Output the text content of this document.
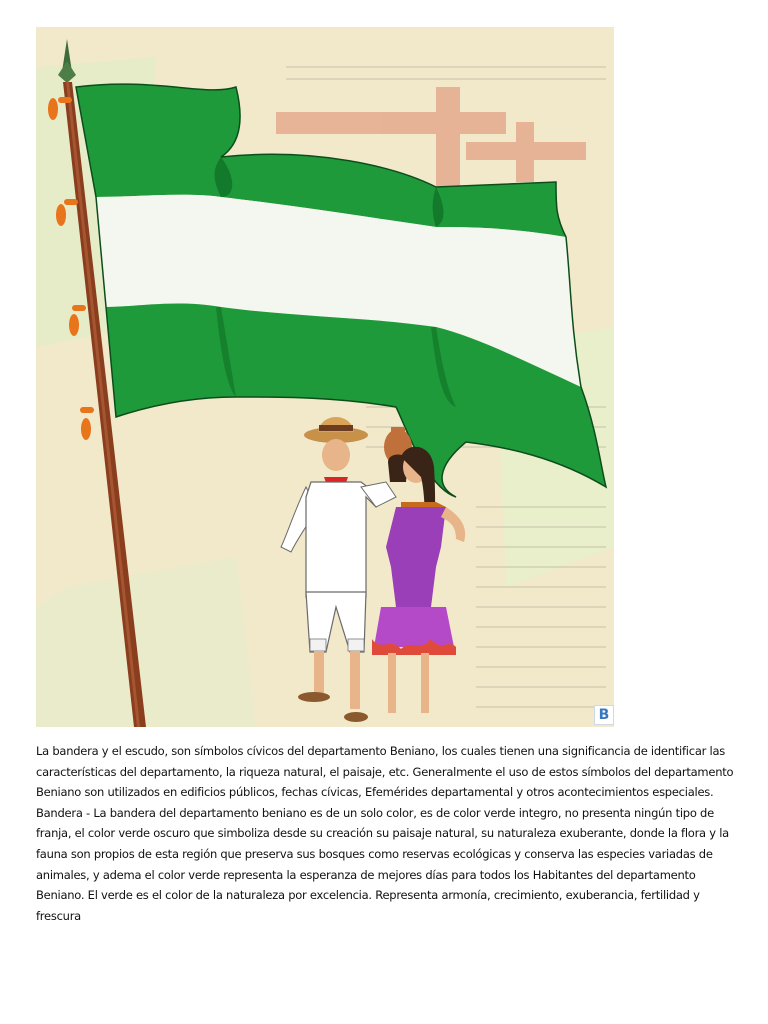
B

La bandera y el escudo, son símbolos cívicos del departamento Beniano, los cuales tienen una significancia de identificar las características del departamento, la riqueza natural, el paisaje, etc. Generalmente el uso de estos símbolos del departamento Beniano son utilizados en edificios públicos, fechas cívicas, Efemérides departamental y otros acontecimientos especiales. Bandera - La bandera del departamento beniano es de un solo color, es de color verde integro, no presenta ningún tipo de franja, el color verde oscuro que simboliza desde su creación su paisaje natural, su naturaleza exuberante, donde la flora y la fauna son propios de esta región que preserva sus bosques como reservas ecológicas y conserva las especies variadas de animales, y adema el color verde representa la esperanza de mejores días para todos los Habitantes del departamento Beniano. El verde es el color de la naturaleza por excelencia. Representa armonía, crecimiento, exuberancia, fertilidad y frescura
